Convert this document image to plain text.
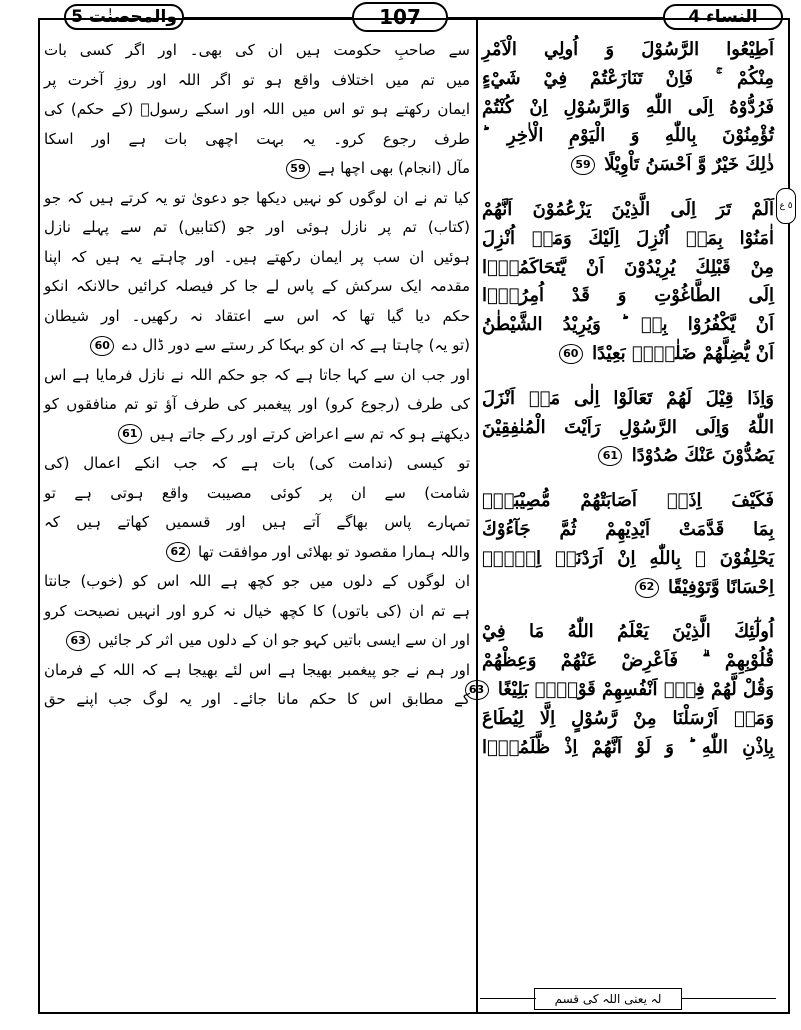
والمحصنٰت 5	107	النساء 4
٥ ع
اَطِيْعُوا الرَّسُوْلَ وَ اُولِي الْاَمْرِ
مِنْكُمْ ۚ فَاِنْ تَنَازَعْتُمْ فِيْ شَيْءٍ
فَرُدُّوْهُ اِلَى اللّٰهِ وَالرَّسُوْلِ اِنْ كُنْتُمْ
تُؤْمِنُوْنَ بِاللّٰهِ وَ الْيَوْمِ الْاٰخِرِ ؕ
ذٰلِكَ خَيْرٌ وَّ اَحْسَنُ تَاْوِيْلًا 59
اَلَمْ تَرَ اِلَى الَّذِيْنَ يَزْعُمُوْنَ اَنَّهُمْ
اٰمَنُوْا بِمَاۤ اُنْزِلَ اِلَيْكَ وَمَاۤ اُنْزِلَ
مِنْ قَبْلِكَ يُرِيْدُوْنَ اَنْ يَّتَحَاكَمُوْۤا
اِلَى الطَّاغُوْتِ وَ قَدْ اُمِرُوْۤا
اَنْ يَّكْفُرُوْا بِهٖ ؕ وَيُرِيْدُ الشَّيْطٰنُ
اَنْ يُّضِلَّهُمْ ضَلٰلًاۢ بَعِيْدًا 60
وَاِذَا قِيْلَ لَهُمْ تَعَالَوْا اِلٰى مَاۤ اَنْزَلَ
اللّٰهُ وَاِلَى الرَّسُوْلِ رَاَيْتَ الْمُنٰفِقِيْنَ
يَصُدُّوْنَ عَنْكَ صُدُوْدًا 61
فَكَيْفَ اِذَاۤ اَصَابَتْهُمْ مُّصِيْبَةٌۢ
بِمَا قَدَّمَتْ اَيْدِيْهِمْ ثُمَّ جَآءُوْكَ
يَحْلِفُوْنَ ۖ بِاللّٰهِ اِنْ اَرَدْنَاۤ اِلَّاۤ
اِحْسَانًا وَّتَوْفِيْقًا 62
اُولٰٓئِكَ الَّذِيْنَ يَعْلَمُ اللّٰهُ مَا فِيْ
قُلُوْبِهِمْ ۗ فَاَعْرِضْ عَنْهُمْ وَعِظْهُمْ
وَقُلْ لَّهُمْ فِيْۤ اَنْفُسِهِمْ قَوْلًاۢ بَلِيْغًا 63
وَمَاۤ اَرْسَلْنَا مِنْ رَّسُوْلٍ اِلَّا لِيُطَاعَ
بِاِذْنِ اللّٰهِ ؕ وَ لَوْ اَنَّهُمْ اِذْ ظَّلَمُوْۤا
سے صاحبِ حکومت ہیں ان کی بھی۔ اور اگر کسی بات
میں تم میں اختلاف واقع ہو تو اگر اللہ اور روزِ آخرت پر
ایمان رکھتے ہو تو اس میں اللہ اور اسکے رسولؐ (کے حکم) کی
طرف رجوع کرو۔ یہ بہت اچھی بات ہے اور اسکا
مآل (انجام) بھی اچھا ہے 59
کیا تم نے ان لوگوں کو نہیں دیکھا جو دعویٰ تو یہ کرتے ہیں کہ جو
(کتاب) تم پر نازل ہوئی اور جو (کتابیں) تم سے پہلے نازل
ہوئیں ان سب پر ایمان رکھتے ہیں۔ اور چاہتے یہ ہیں کہ اپنا
مقدمہ ایک سرکش کے پاس لے جا کر فیصلہ کرائیں حالانکہ انکو
حکم دیا گیا تھا کہ اس سے اعتقاد نہ رکھیں۔ اور شیطان
(تو یہ) چاہتا ہے کہ ان کو بہکا کر رستے سے دور ڈال دے 60
اور جب ان سے کہا جاتا ہے کہ جو حکم اللہ نے نازل فرمایا ہے اس
کی طرف (رجوع کرو) اور پیغمبر کی طرف آؤ تو تم منافقوں کو
دیکھتے ہو کہ تم سے اعراض کرتے اور رکے جاتے ہیں 61
تو کیسی (ندامت کی) بات ہے کہ جب انکے اعمال (کی
شامت) سے ان پر کوئی مصیبت واقع ہوتی ہے تو
تمہارے پاس بھاگے آتے ہیں اور قسمیں کھاتے ہیں کہ
واللہ ہمارا مقصود تو بھلائی اور موافقت تھا 62
ان لوگوں کے دلوں میں جو کچھ ہے اللہ اس کو (خوب) جانتا
ہے تم ان (کی باتوں) کا کچھ خیال نہ کرو اور انہیں نصیحت کرو
اور ان سے ایسی باتیں کہو جو ان کے دلوں میں اثر کر جائیں 63
اور ہم نے جو پیغمبر بھیجا ہے اس لئے بھیجا ہے کہ اللہ کے فرمان
کے مطابق اس کا حکم مانا جائے۔ اور یہ لوگ جب اپنے حق
لہ یعنی اللہ کی قسم
